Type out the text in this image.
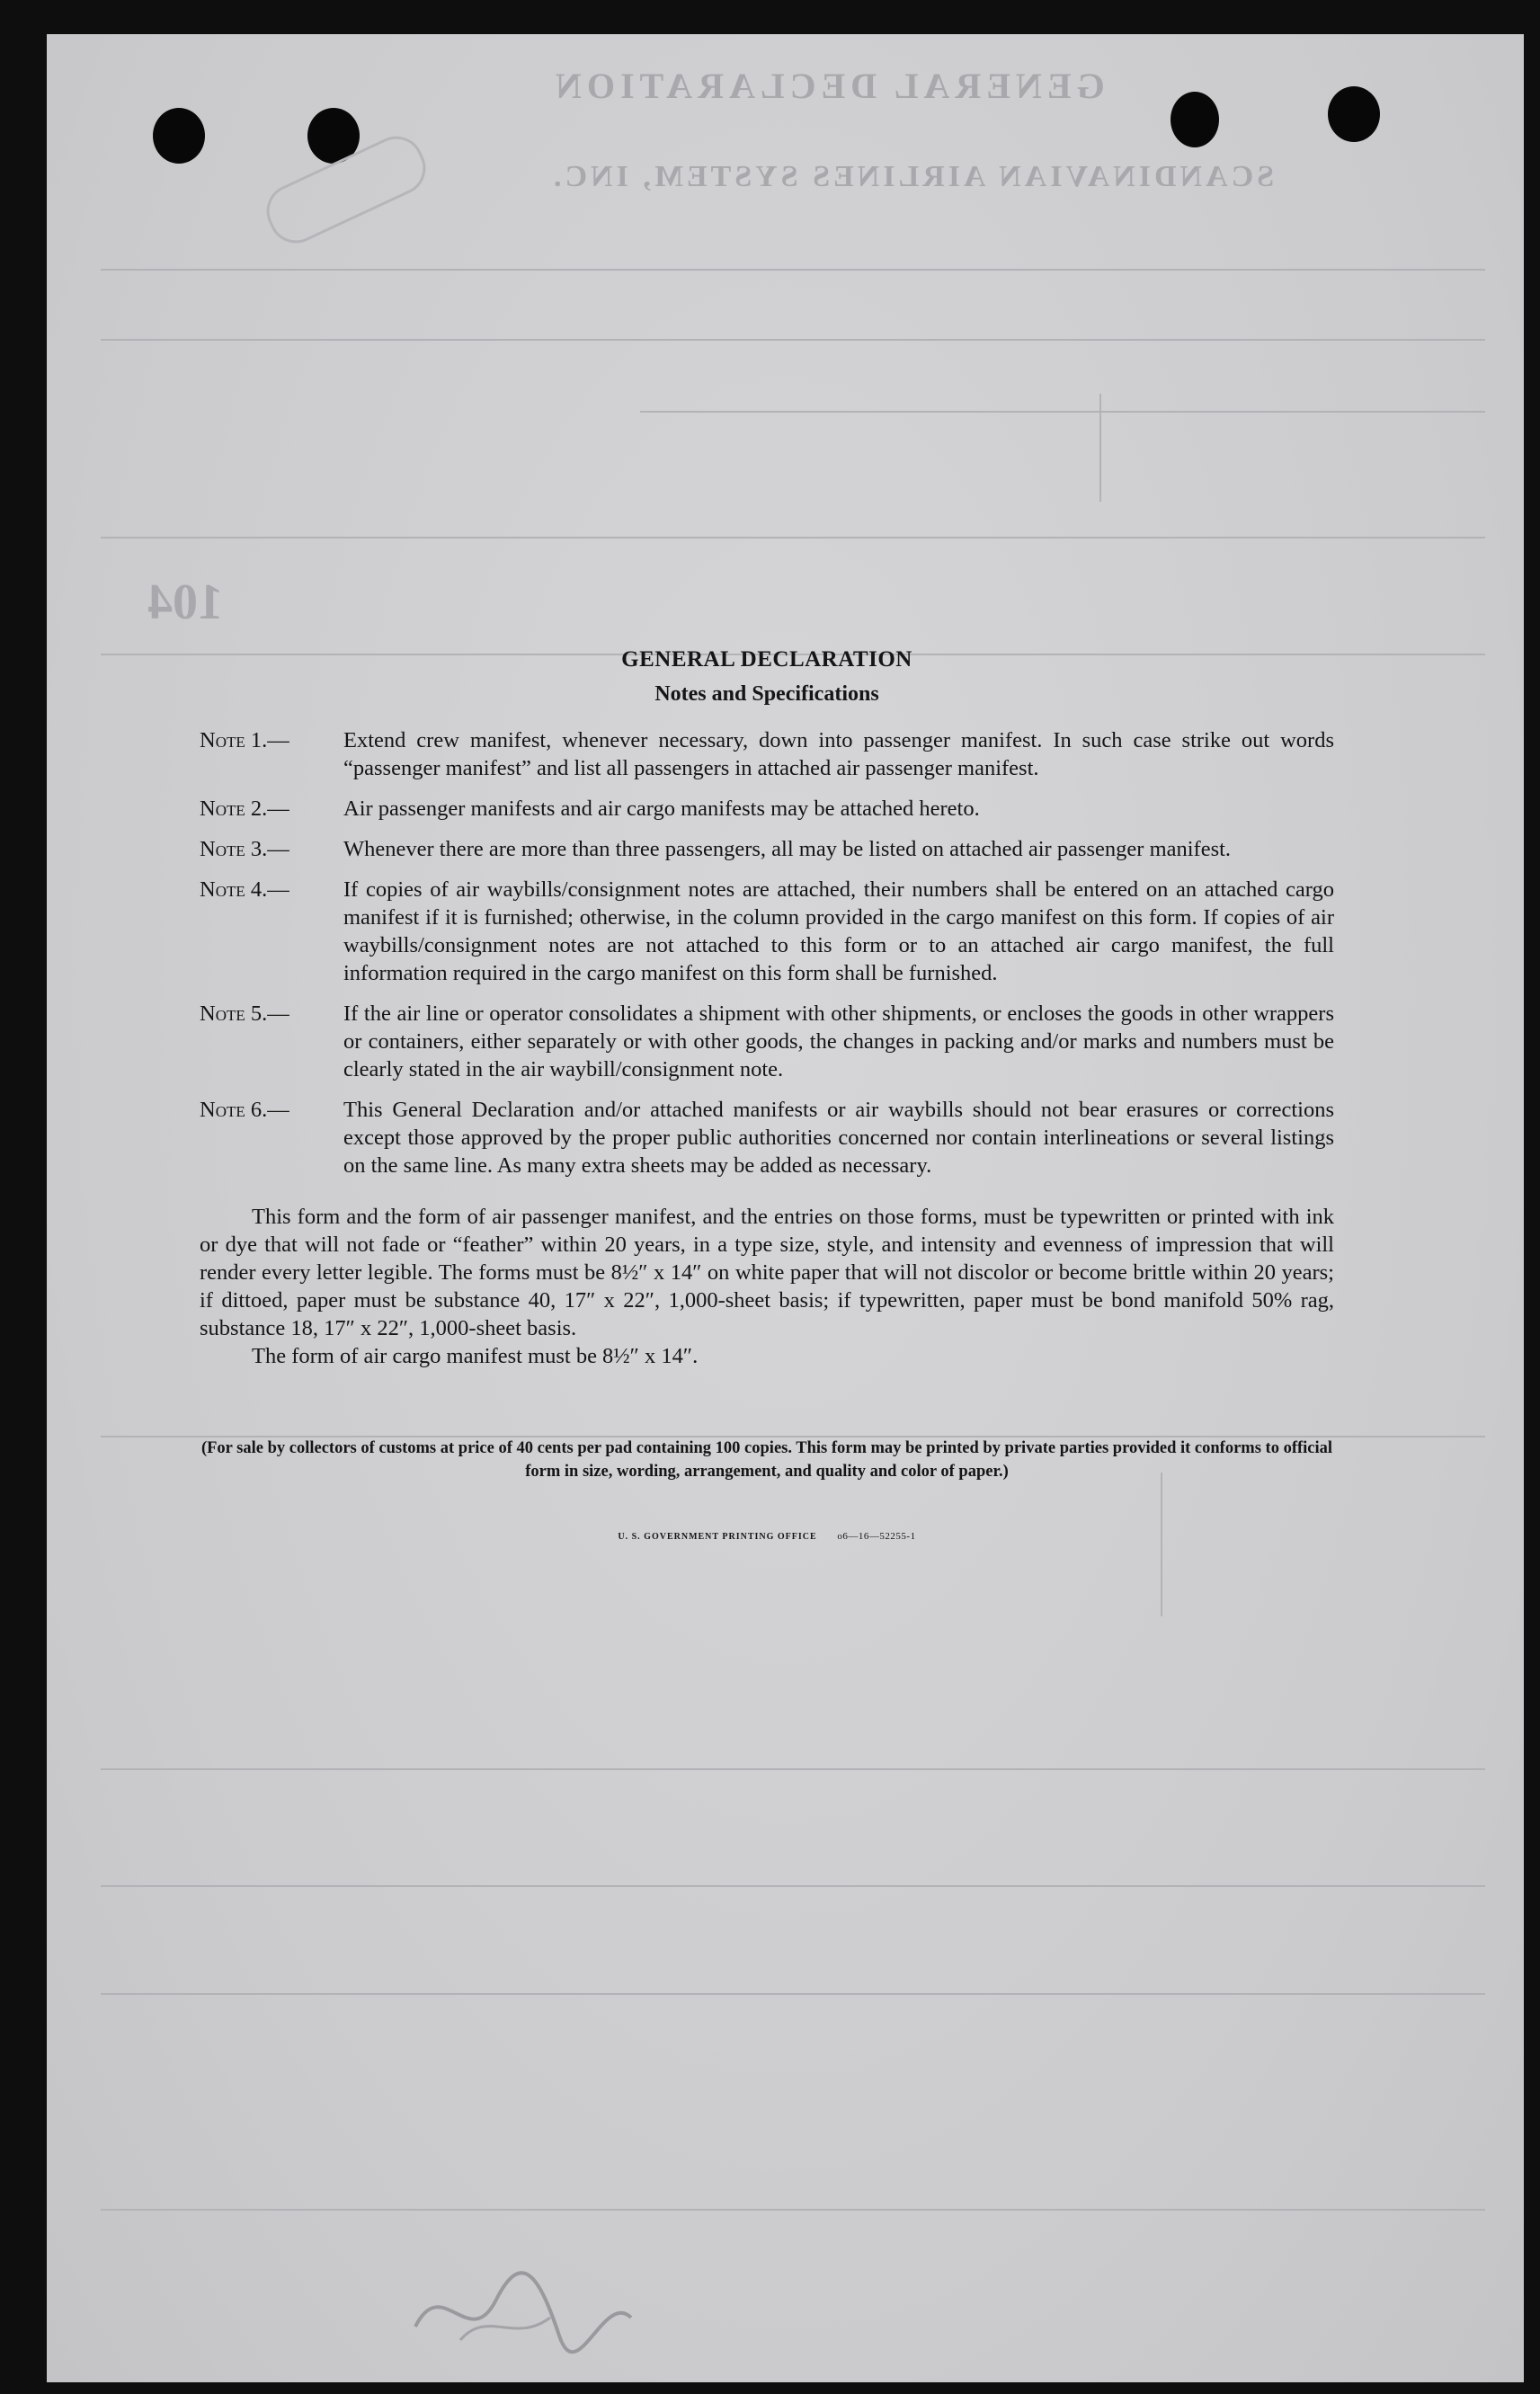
GENERAL DECLARATION
SCANDINAVIAN AIRLINES SYSTEM, INC.
104
GENERAL DECLARATION
Notes and Specifications
Note 1.—	Extend crew manifest, whenever necessary, down into passenger manifest. In such case strike out words “passenger manifest” and list all passengers in attached air passenger manifest.
Note 2.—	Air passenger manifests and air cargo manifests may be attached hereto.
Note 3.—	Whenever there are more than three passengers, all may be listed on attached air passenger manifest.
Note 4.—	If copies of air waybills/consignment notes are attached, their numbers shall be entered on an attached cargo manifest if it is furnished; otherwise, in the column provided in the cargo manifest on this form. If copies of air waybills/consignment notes are not attached to this form or to an attached air cargo manifest, the full information required in the cargo manifest on this form shall be furnished.
Note 5.—	If the air line or operator consolidates a shipment with other shipments, or encloses the goods in other wrappers or containers, either separately or with other goods, the changes in packing and/or marks and numbers must be clearly stated in the air waybill/consignment note.
Note 6.—	This General Declaration and/or attached manifests or air waybills should not bear erasures or corrections except those approved by the proper public authorities concerned nor contain interlineations or several listings on the same line. As many extra sheets may be added as necessary.
This form and the form of air passenger manifest, and the entries on those forms, must be typewritten or printed with ink or dye that will not fade or “feather” within 20 years, in a type size, style, and intensity and evenness of impression that will render every letter legible. The forms must be 8½″ x 14″ on white paper that will not discolor or become brittle within 20 years; if dittoed, paper must be substance 40, 17″ x 22″, 1,000-sheet basis; if typewritten, paper must be bond manifold 50% rag, substance 18, 17″ x 22″, 1,000-sheet basis.
The form of air cargo manifest must be 8½″ x 14″.
(For sale by collectors of customs at price of 40 cents per pad containing 100 copies. This form may be printed by private parties provided it conforms to official form in size, wording, arrangement, and quality and color of paper.)
U. S. GOVERNMENT PRINTING OFFICE o6—16—52255-1
